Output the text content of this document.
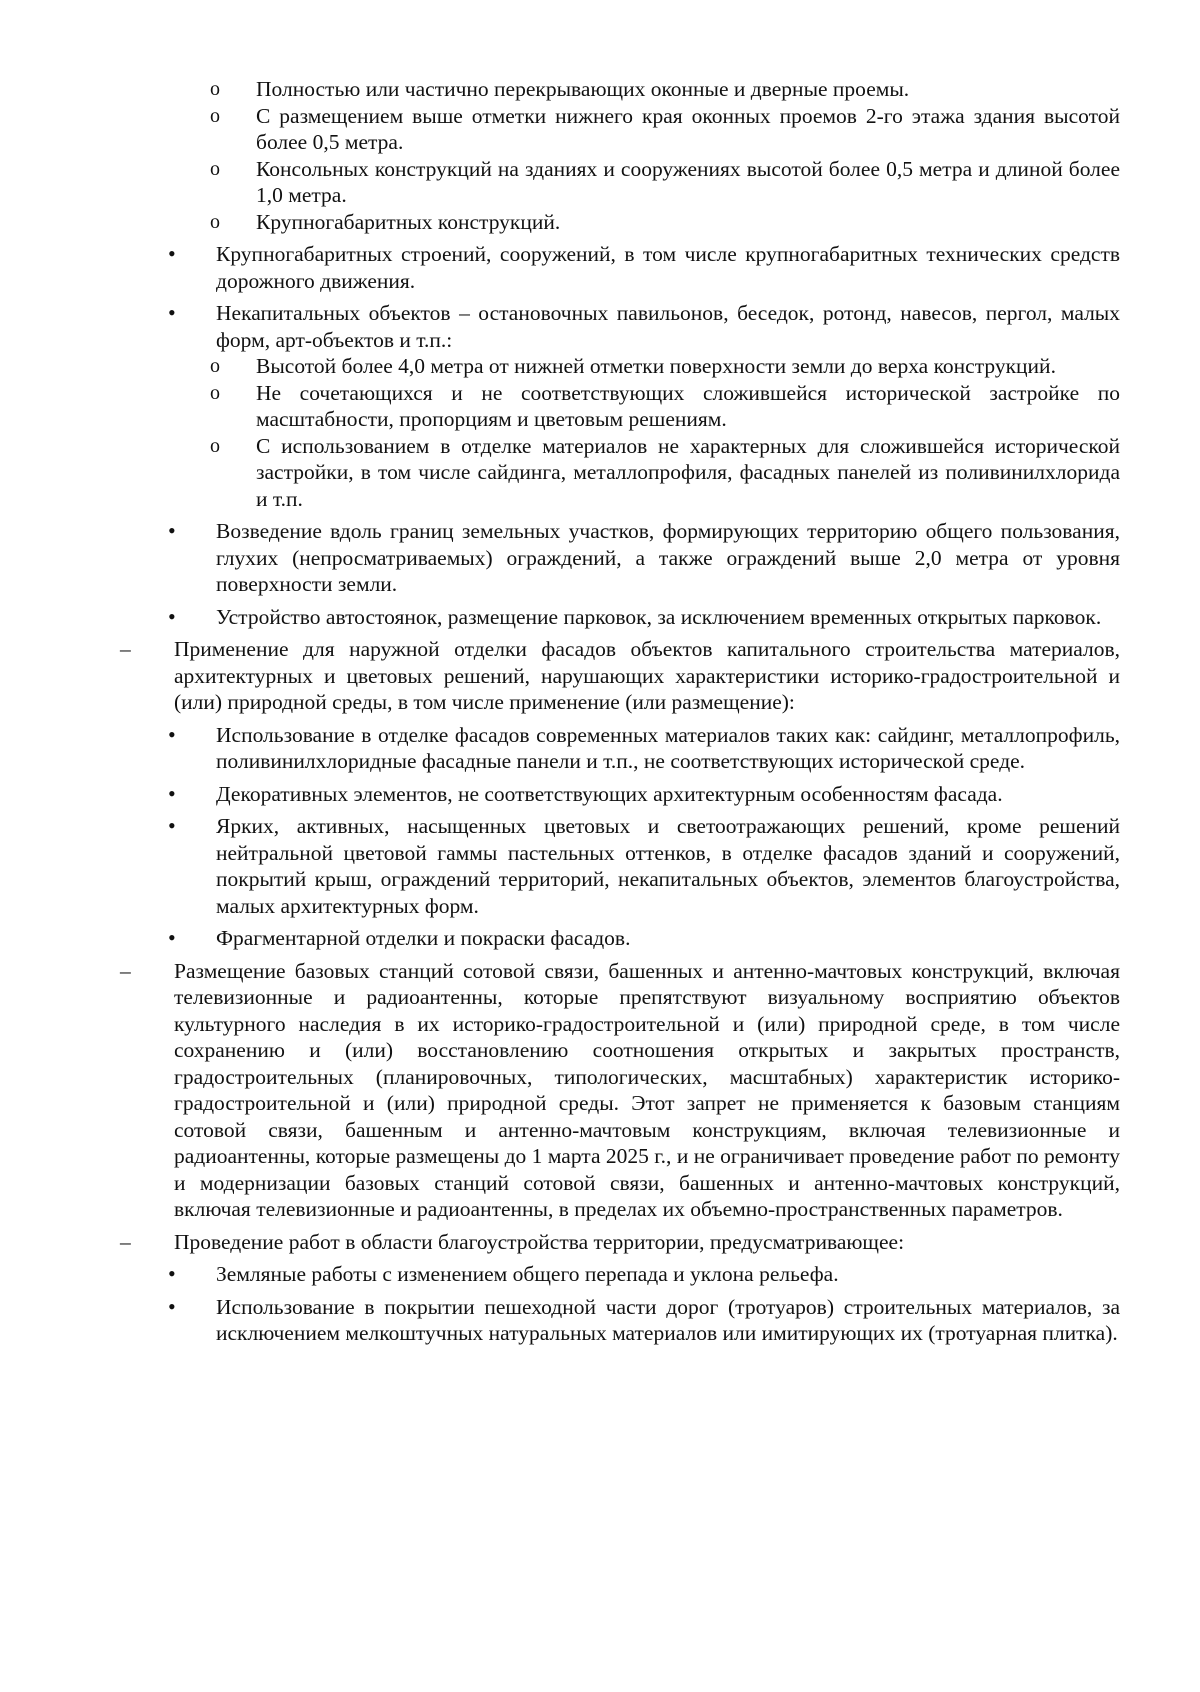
o Полностью или частично перекрывающих оконные и дверные проемы.
o С размещением выше отметки нижнего края оконных проемов 2-го этажа здания высотой более 0,5 метра.
o Консольных конструкций на зданиях и сооружениях высотой более 0,5 метра и длиной более 1,0 метра.
o Крупногабаритных конструкций.
• Крупногабаритных строений, сооружений, в том числе крупногабаритных технических средств дорожного движения.
• Некапитальных объектов – остановочных павильонов, беседок, ротонд, навесов, пергол, малых форм, арт-объектов и т.п.:
o Высотой более 4,0 метра от нижней отметки поверхности земли до верха конструкций.
o Не сочетающихся и не соответствующих сложившейся исторической застройке по масштабности, пропорциям и цветовым решениям.
o С использованием в отделке материалов не характерных для сложившейся исторической застройки, в том числе сайдинга, металлопрофиля, фасадных панелей из поливинилхлорида и т.п.
• Возведение вдоль границ земельных участков, формирующих территорию общего пользования, глухих (непросматриваемых) ограждений, а также ограждений выше 2,0 метра от уровня поверхности земли.
• Устройство автостоянок, размещение парковок, за исключением временных открытых парковок.
– Применение для наружной отделки фасадов объектов капитального строительства материалов, архитектурных и цветовых решений, нарушающих характеристики историко-градостроительной и (или) природной среды, в том числе применение (или размещение):
• Использование в отделке фасадов современных материалов таких как: сайдинг, металлопрофиль, поливинилхлоридные фасадные панели и т.п., не соответствующих исторической среде.
• Декоративных элементов, не соответствующих архитектурным особенностям фасада.
• Ярких, активных, насыщенных цветовых и светоотражающих решений, кроме решений нейтральной цветовой гаммы пастельных оттенков, в отделке фасадов зданий и сооружений, покрытий крыш, ограждений территорий, некапитальных объектов, элементов благоустройства, малых архитектурных форм.
• Фрагментарной отделки и покраски фасадов.
– Размещение базовых станций сотовой связи, башенных и антенно-мачтовых конструкций, включая телевизионные и радиоантенны, которые препятствуют визуальному восприятию объектов культурного наследия в их историко-градостроительной и (или) природной среде, в том числе сохранению и (или) восстановлению соотношения открытых и закрытых пространств, градостроительных (планировочных, типологических, масштабных) характеристик историко-градостроительной и (или) природной среды. Этот запрет не применяется к базовым станциям сотовой связи, башенным и антенно-мачтовым конструкциям, включая телевизионные и радиоантенны, которые размещены до 1 марта 2025 г., и не ограничивает проведение работ по ремонту и модернизации базовых станций сотовой связи, башенных и антенно-мачтовых конструкций, включая телевизионные и радиоантенны, в пределах их объемно-пространственных параметров.
– Проведение работ в области благоустройства территории, предусматривающее:
• Земляные работы с изменением общего перепада и уклона рельефа.
• Использование в покрытии пешеходной части дорог (тротуаров) строительных материалов, за исключением мелкоштучных натуральных материалов или имитирующих их (тротуарная плитка).
